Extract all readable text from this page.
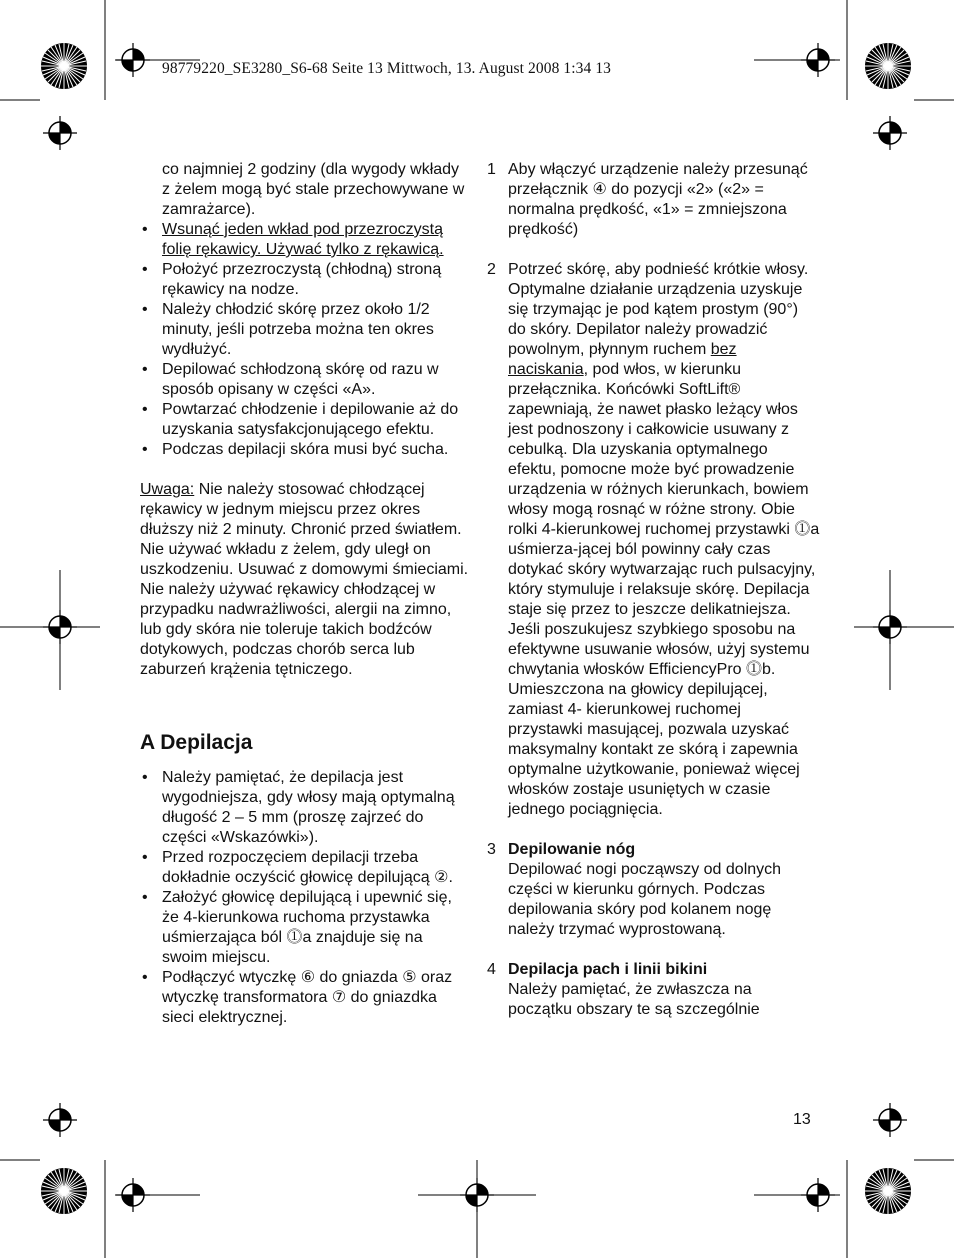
98779220_SE3280_S6-68 Seite 13 Mittwoch, 13. August 2008 1:34 13
co najmniej 2 godziny (dla wygody wkłady z żelem mogą być stale przechowywane w zamrażarce).
• Wsunąć jeden wkład pod przezroczystą folię rękawicy. Używać tylko z rękawicą.
• Położyć przezroczystą (chłodną) stroną rękawicy na nodze.
• Należy chłodzić skórę przez około 1/2 minuty, jeśli potrzeba można ten okres wydłużyć.
• Depilować schłodzoną skórę od razu w sposób opisany w części «A».
• Powtarzać chłodzenie i depilowanie aż do uzyskania satysfakcjonującego efektu.
• Podczas depilacji skóra musi być sucha.
Uwaga: Nie należy stosować chłodzącej rękawicy w jednym miejscu przez okres dłuższy niż 2 minuty. Chronić przed światłem. Nie używać wkładu z żelem, gdy uległ on uszkodzeniu. Usuwać z domowymi śmieciami. Nie należy używać rękawicy chłodzącej w przypadku nadwrażliwości, alergii na zimno, lub gdy skóra nie toleruje takich bodźców dotykowych, podczas chorób serca lub zaburzeń krążenia tętniczego.
A Depilacja
• Należy pamiętać, że depilacja jest wygodniejsza, gdy włosy mają optymalną długość 2 – 5 mm (proszę zajrzeć do części «Wskazówki»).
• Przed rozpoczęciem depilacji trzeba dokładnie oczyścić głowicę depilującą ②.
• Założyć głowicę depilującą i upewnić się, że 4-kierunkowa ruchoma przystawka uśmierzająca ból ⓵a znajduje się na swoim miejscu.
• Podłączyć wtyczkę ⑥ do gniazda ⑤ oraz wtyczkę transformatora ⑦ do gniazdka sieci elektrycznej.
1 Aby włączyć urządzenie należy przesunąć przełącznik ④ do pozycji «2» («2» = normalna prędkość, «1» = zmniejszona prędkość)
2 Potrzeć skórę, aby podnieść krótkie włosy. Optymalne działanie urządzenia uzyskuje się trzymając je pod kątem prostym (90°) do skóry. Depilator należy prowadzić powolnym, płynnym ruchem bez naciskania, pod włos, w kierunku przełącznika. Końcówki SoftLift® zapewniają, że nawet płasko leżący włos jest podnoszony i całkowicie usuwany z cebulką. Dla uzyskania optymalnego efektu, pomocne może być prowadzenie urządzenia w różnych kierunkach, bowiem włosy mogą rosnąć w różne strony. Obie rolki 4-kierunkowej ruchomej przystawki ⓵a uśmierza-jącej ból powinny cały czas dotykać skóry wytwarzając ruch pulsacyjny, który stymuluje i relaksuje skórę. Depilacja staje się przez to jeszcze delikatniejsza. Jeśli poszukujesz szybkiego sposobu na efektywne usuwanie włosów, użyj systemu chwytania włosków EfficiencyPro ⓵b.
Umieszczona na głowicy depilującej, zamiast 4- kierunkowej ruchomej przystawki masującej, pozwala uzyskać maksymalny kontakt ze skórą i zapewnia optymalne użytkowanie, ponieważ więcej włosków zostaje usuniętych w czasie jednego pociągnięcia.
3 Depilowanie nóg
Depilować nogi począwszy od dolnych części w kierunku górnych. Podczas depilowania skóry pod kolanem nogę należy trzymać wyprostowaną.
4 Depilacja pach i linii bikini
Należy pamiętać, że zwłaszcza na początku obszary te są szczególnie
13
